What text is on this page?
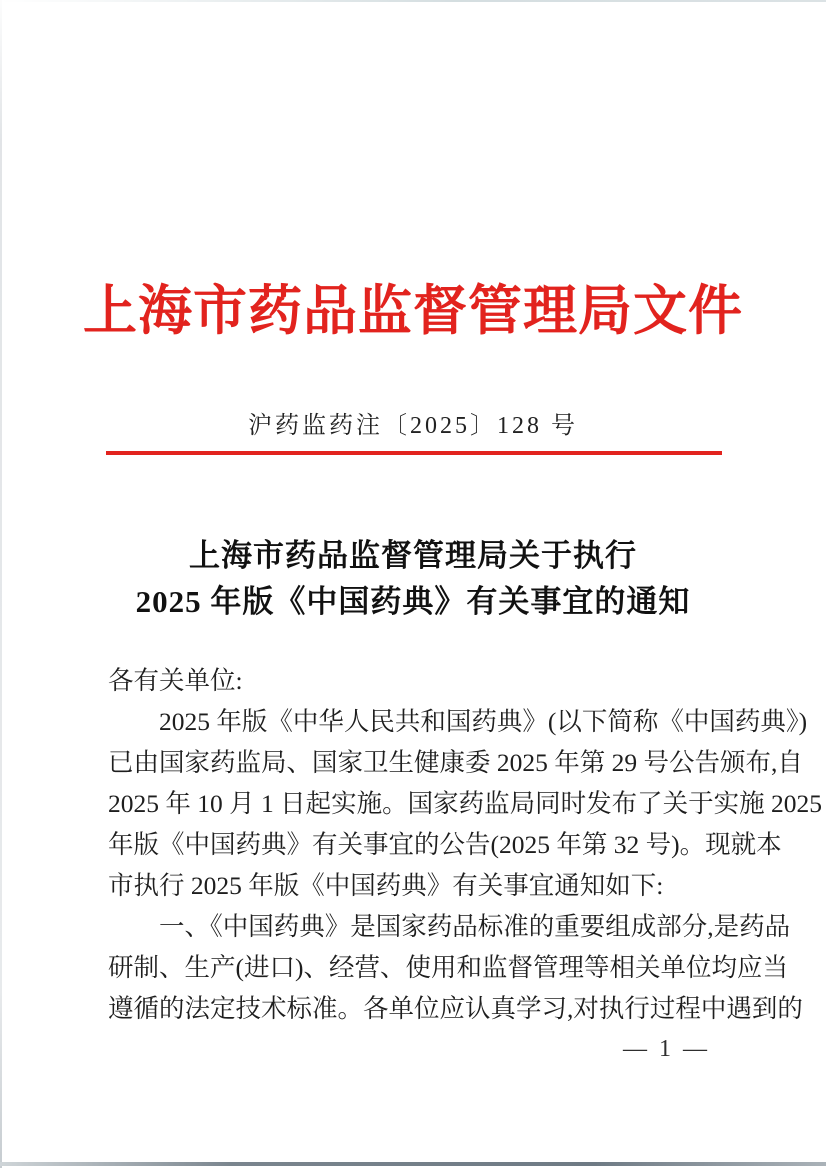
上海市药品监督管理局文件
沪药监药注〔2025〕128 号
上海市药品监督管理局关于执行
2025 年版《中国药典》有关事宜的通知
各有关单位:
2025 年版《中华人民共和国药典》(以下简称《中国药典》)
已由国家药监局、国家卫生健康委 2025 年第 29 号公告颁布,自
2025 年 10 月 1 日起实施。国家药监局同时发布了关于实施 2025
年版《中国药典》有关事宜的公告(2025 年第 32 号)。现就本
市执行 2025 年版《中国药典》有关事宜通知如下:
一、《中国药典》是国家药品标准的重要组成部分,是药品
研制、生产(进口)、经营、使用和监督管理等相关单位均应当
遵循的法定技术标准。各单位应认真学习,对执行过程中遇到的
— 1 —
